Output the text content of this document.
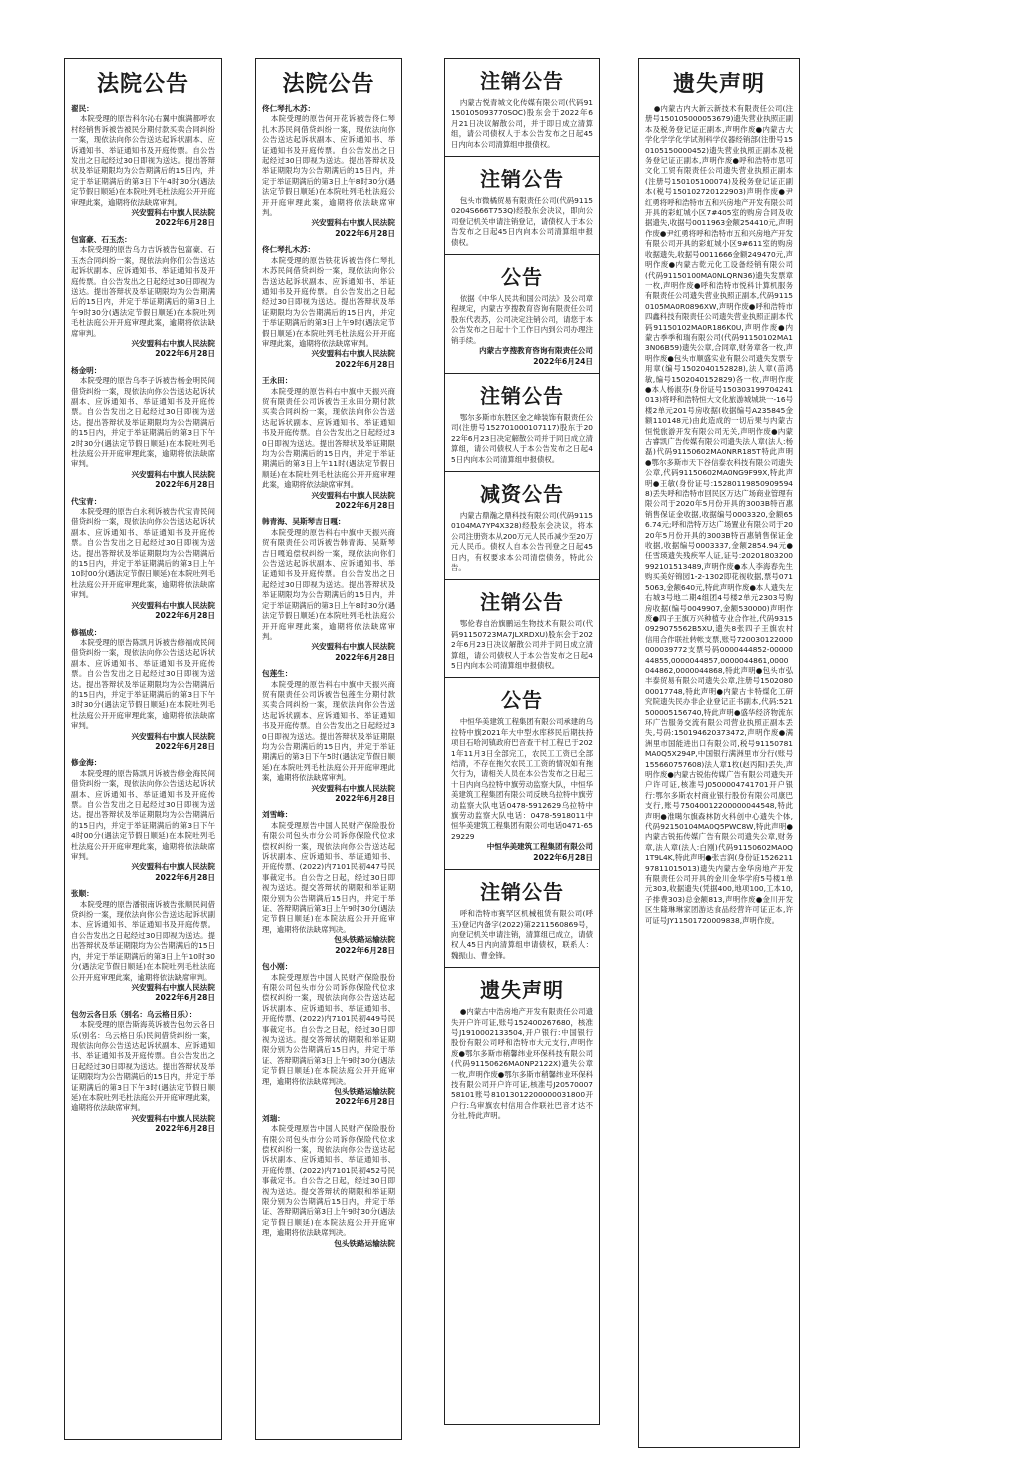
法院公告
翟民：
本院受理的原告科尔沁右翼中旗满都呼农村经销售诉被告被民分期付款买卖合同纠纷一案，现依法向你公告送达起诉状副本、应诉通知书、举证通知书及开庭传票。自公告发出之日起经过30日即视为送达。提出答辩状及举证期限均为公告期满后的15日内，并定于举证期满后的第3日下午4时30分(遇法定节假日顺延)在本院吐列毛杜法庭公开开庭审理此案，逾期将依法缺席审判。
兴安盟科右中旗人民法院
2022年6月28日
包富豪、石玉杰：
本院受理的原告乌力吉诉被告包富豪、石玉杰合同纠纷一案，现依法向你们公告送达起诉状副本、应诉通知书、举证通知书及开庭传票。自公告发出之日起经过30日即视为送达。提出答辩状及举证期限均为公告期满后的15日内，并定于举证期满后的第3日上午9时30分(遇法定节假日顺延)在本院吐列毛杜法庭公开开庭审理此案，逾期将依法缺席审判。
兴安盟科右中旗人民法院
2022年6月28日
杨金明：
本院受理的原告乌李子诉被告杨金明民间借贷纠纷一案，现依法向你公告送达起诉状副本、应诉通知书、举证通知书及开庭传票。自公告发出之日起经过30日即视为送达。提出答辩状及举证期限均为公告期满后的15日内，并定于举证期满后的第3日下午2时30分(遇法定节假日顺延)在本院吐列毛杜法庭公开开庭审理此案，逾期将依法缺席审判。
兴安盟科右中旗人民法院
2022年6月28日
代宝青：
本院受理的原告白永利诉被告代宝青民间借贷纠纷一案，现依法向你公告送达起诉状副本、应诉通知书、举证通知书及开庭传票。自公告发出之日起经过30日即视为送达。提出答辩状及举证期限均为公告期满后的15日内，并定于举证期满后的第3日上午10时00分(遇法定节假日顺延)在本院吐列毛杜法庭公开开庭审理此案，逾期将依法缺席审判。
兴安盟科右中旗人民法院
2022年6月28日
修福成：
本院受理的原告陈凯月诉被告修福成民间借贷纠纷一案，现依法向你公告送达起诉状副本、应诉通知书、举证通知书及开庭传票。自公告发出之日起经过30日即视为送达。提出答辩状及举证期限均为公告期满后的15日内，并定于举证期满后的第3日下午3时30分(遇法定节假日顺延)在本院吐列毛杜法庭公开开庭审理此案，逾期将依法缺席审判。
兴安盟科右中旗人民法院
2022年6月28日
修金海：
本院受理的原告陈凯月诉被告修金海民间借贷纠纷一案，现依法向你公告送达起诉状副本、应诉通知书、举证通知书及开庭传票。自公告发出之日起经过30日即视为送达。提出答辩状及举证期限均为公告期满后的15日内，并定于举证期满后的第3日下午4时00分(遇法定节假日顺延)在本院吐列毛杜法庭公开开庭审理此案，逾期将依法缺席审判。
兴安盟科右中旗人民法院
2022年6月28日
张顺：
本院受理的原告潘银南诉被告张顺民间借贷纠纷一案，现依法向你公告送达起诉状副本、应诉通知书、举证通知书及开庭传票。自公告发出之日起经过30日即视为送达。提出答辩状及举证期限均为公告期满后的15日内，并定于举证期满后的第3日上午10时30分(遇法定节假日顺延)在本院吐列毛杜法庭公开开庭审理此案，逾期将依法缺席审判。
兴安盟科右中旗人民法院
2022年6月28日
包勿云各日乐（别名：乌云格日乐）：
本院受理的原告斯海英诉被告包勿云各日乐(别名：乌云格日乐)民间借贷纠纷一案，现依法向你公告送达起诉状副本、应诉通知书、举证通知书及开庭传票。自公告发出之日起经过30日即视为送达。提出答辩状及举证期限均为公告期满后的15日内，并定于举证期满后的第3日下午3时(遇法定节假日顺延)在本院吐列毛杜法庭公开开庭审理此案，逾期将依法缺席审判。
兴安盟科右中旗人民法院
2022年6月28日
法院公告
佟仁琴扎木苏：
本院受理的原告何开花诉被告佟仁琴扎木苏民间借贷纠纷一案，现依法向你公告送达起诉状副本、应诉通知书、举证通知书及开庭传票。自公告发出之日起经过30日即视为送达。提出答辩状及举证期限均为公告期满后的15日内，并定于举证期满后的第3日上午8时30分(遇法定节假日顺延)在本院吐列毛杜法庭公开开庭审理此案，逾期将依法缺席审判。
兴安盟科右中旗人民法院
2022年6月28日
佟仁琴扎木苏：
本院受理的原告铁花诉被告佟仁琴扎木苏民间借贷纠纷一案，现依法向你公告送达起诉状副本、应诉通知书、举证通知书及开庭传票。自公告发出之日起经过30日即视为送达。提出答辩状及举证期限均为公告期满后的15日内，并定于举证期满后的第3日上午9时(遇法定节假日顺延)在本院吐列毛杜法庭公开开庭审理此案，逾期将依法缺席审判。
兴安盟科右中旗人民法院
2022年6月28日
王永田：
本院受理的原告科右中旗中天振兴商贸有限责任公司诉被告王永田分期付款买卖合同纠纷一案，现依法向你公告送达起诉状副本、应诉通知书、举证通知书及开庭传票。自公告发出之日起经过30日即视为送达。提出答辩状及举证期限均为公告期满后的15日内，并定于举证期满后的第3日上午11时(遇法定节假日顺延)在本院吐列毛杜法庭公开开庭审理此案，逾期将依法缺席审判。
兴安盟科右中旗人民法院
2022年6月28日
韩青海、吴斯琴吉日嘎：
本院受理的原告科右中旗中天振兴商贸有限责任公司诉被告韩青海、吴斯琴吉日嘎追偿权纠纷一案，现依法向你们公告送达起诉状副本、应诉通知书、举证通知书及开庭传票。自公告发出之日起经过30日即视为送达。提出答辩状及举证期限均为公告期满后的15日内，并定于举证期满后的第3日上午8时30分(遇法定节假日顺延)在本院吐列毛杜法庭公开开庭审理此案，逾期将依法缺席审判。
兴安盟科右中旗人民法院
2022年6月28日
包莲生：
本院受理的原告科右中旗中天振兴商贸有限责任公司诉被告包莲生分期付款买卖合同纠纷一案，现依法向你公告送达起诉状副本、应诉通知书、举证通知书及开庭传票。自公告发出之日起经过30日即视为送达。提出答辩状及举证期限均为公告期满后的15日内，并定于举证期满后的第3日下午5时(遇法定节假日顺延)在本院吐列毛杜法庭公开开庭审理此案，逾期将依法缺席审判。
兴安盟科右中旗人民法院
2022年6月28日
刘雪峰：
本院受理原告中国人民财产保险股份有限公司包头市分公司诉你保险代位求偿权纠纷一案，现依法向你公告送达起诉状副本、应诉通知书、举证通知书、开庭传票、(2022)内7101民初447号民事裁定书。自公告之日起，经过30日即视为送达。提交答辩状的期限和举证期限分别为公告期满后15日内，并定于举证、答辩期满后第3日上午9时30分(遇法定节假日顺延)在本院法庭公开开庭审理，逾期将依法缺席判决。
包头铁路运输法院
2022年6月28日
包小刚：
本院受理原告中国人民财产保险股份有限公司包头市分公司诉你保险代位求偿权纠纷一案，现依法向你公告送达起诉状副本、应诉通知书、举证通知书、开庭传票、(2022)内7101民初449号民事裁定书。自公告之日起，经过30日即视为送达。提交答辩状的期限和举证期限分别为公告期满后15日内，并定于举证、答辩期满后第3日上午9时30分(遇法定节假日顺延)在本院法庭公开开庭审理，逾期将依法缺席判决。
包头铁路运输法院
2022年6月28日
刘瑞：
本院受理原告中国人民财产保险股份有限公司包头市分公司诉你保险代位求偿权纠纷一案，现依法向你公告送达起诉状副本、应诉通知书、举证通知书、开庭传票、(2022)内7101民初452号民事裁定书。自公告之日起，经过30日即视为送达。提交答辩状的期限和举证期限分别为公告期满后15日内，并定于举证、答辩期满后第3日上午9时30分(遇法定节假日顺延)在本院法庭公开开庭审理，逾期将依法缺席判决。
包头铁路运输法院
注销公告
内蒙古悦青城文化传媒有限公司(代码91150105093770SOC)股东会于2022年6月21日决议解散公司，并于即日成立清算组，请公司债权人于本公告发布之日起45日内向本公司清算组申报债权。
注销公告
包头市微橘贸易有限责任公司(代码91150204S666T753Q)经股东会决议，即向公司登记机关申请注销登记，请债权人于本公告发布之日起45日内向本公司清算组申报债权。
公告
依据《中华人民共和国公司法》及公司章程规定，内蒙古亨搜教育咨询有限责任公司股东代表苏，公司决定注销公司，请您于本公告发布之日起十个工作日内到公司办理注销手续。
内蒙古亨搜教育咨询有限责任公司
2022年6月24日
注销公告
鄂尔多斯市东胜区金之峰装饰有限责任公司(注册号152701000107117)股东于2022年6月23日决定解散公司并于同日成立清算组，请公司债权人于本公告发布之日起45日内向本公司清算组申报债权。
减资公告
内蒙古鼎瀚之鼎科技有限公司(代码91150104MA7YP4X328)经股东会决议，将本公司注册资本从200万元人民币减少至20万元人民币。债权人自本公告刊登之日起45日内，有权要求本公司清偿债务，特此公告。
注销公告
鄂伦春自治旗鹏运生物技术有限公司(代码91150723MA7JLXRDXU)股东会于2022年6月23日决议解散公司并于同日成立清算组，请公司债权人于本公告发布之日起45日内向本公司清算组申报债权。
公告
中恒华美建筑工程集团有限公司承建的乌拉特中旗2021年大中型水库移民后期扶持项目石哈河镇政府巴音查干村工程已于2021年11月3日全部完工，农民工工资已全部结清，不存在拖欠农民工工资的情况如有拖欠行为，请相关人员在本公告发布之日起三十日内向乌拉特中旗劳动监察大队，中恒华美建筑工程集团有限公司反映乌拉特中旗劳动监察大队电话0478-5912629乌拉特中旗劳动监察大队电话：0478-5918011中恒华美建筑工程集团有限公司电话0471-6529229
中恒华美建筑工程集团有限公司
2022年6月28日
注销公告
呼和浩特市赛罕区机械租赁有限公司(呼玉)登记内备字(2022)第2211560869号，向登记机关申请注销，清算组已成立，请债权人45日内向清算组申请债权，联系人：魏振山、曹金锋。
遗失声明
●内蒙古中浩房地产开发有限责任公司遗失开户许可证,账号152400267680，核准号J1910002133504,开户银行:中国银行股份有限公司呼和浩特市大元支行,声明作废●鄂尔多斯市稍馨纬业环保科技有限公司(代码91150626MA0NP2122X)遗失公章一枚,声明作废●鄂尔多斯市稍馨纬业环保科技有限公司开户许可证,核准号J2057000758101账号81013012200000031800开户行:乌审旗农村信用合作联社巴音才达不分社,特此声明。
遗失声明
●内蒙古内大新云新技术有限责任公司(注册号150105000053679)遗失营业执照正副本及税务登记证正副本,声明作废●内蒙古大学化学学化学试剂科学仪器经销部(注册号150105150000452)遗失营业执照正副本及税务登记证正副本,声明作废●呼和浩特市思可文化工贸有限责任公司遗失营业执照正副本(注册号150105100074)及税务登记证正副本(税号150102720122903)声明作废●尹红勇将呼和浩特市五和兴房地产开发有限公司开具的彩虹城小区7#405室的购房合同及收据遗失,收据号0011963金额254410元,声明作废●尹红勇将呼和浩特市五和兴房地产开发有限公司开具的彩虹城小区9#611室的购房收据遗失,收据号0011666金额249470元,声明作废●内蒙古乾元化工设备经销有限公司(代码91150100MA0NLQRN36)遗失发票章一枚,声明作废●呼和浩特市悦科计算机服务有限责任公司遗失营业执照正副本,代码91150105MA0R0896XW,声明作废●呼和浩特市四鑫科技有限责任公司遗失营业执照正副本代码91150102MA0R186K0U,声明作废●内蒙古季季和瑞有限公司(代码91150102MA13N06B59)遗失公章,合同章,财务章各一枚,声明作废●包头市顺盛实业有限公司遗失发票专用章(编号1502040152828),法人章(苗鸿敏,编号1502040152829)各一枚,声明作废●本人杨淑芬(身份证号150303199704241013)将呼和浩特恒大文化旅游城城块一-16号楼2单元201号房收据(收据编号A235845金额110148元)由此造成的一切后果与内蒙古恒悦旅游开发有限公司无关,声明作废●内蒙古睿凯广告传媒有限公司遗失法人章(法人:杨磊)代码91150602MA0NRR185T特此声明●鄂尔多斯市天下谷信泰农科技有限公司遗失公章,代码91150602MA0NG9F99X,特此声明●王敏(身份证号:152801198509095948)丢失呼和浩特市回民区万达广场商业管理有限公司于2020年5月份开具的3003B特百惠销售保证金收据,收据编号0003320,金额656.74元;呼和浩特万达广场置业有限公司于2020年5月份开具的3003B特百惠销售保证金收据,收据编号0003337,金额2854.94元●任雪瑛遗失残疾军人证,证号:20201803200992101513489,声明作废●本人李海春先生购买美好锦园1-2-1302即花视收据,票号0715063,金额640元,特此声明作废●本人遗失左右城3号地二期4组团4号楼2单元2303号购房收据(编号0049907,金额530000)声明作废●四子王旗万兴种植专业合作社,代码93150929075562B5XU,遗失8张四子王旗农村信用合作联社转帐支票,账号720030122000000039772支票号码0000444852-0000044855,0000044857,0000044861,0000044862,0000044868,特此声明●包头市弘丰泰贸易有限公司遗失公章,注册号150208000017748,特此声明●内蒙古卡特煤化工研究院遗失民办非企业登记正书副本,代码:521500005156740,特此声明●盛华经济物流东环广告服务交流有限公司营业执照正副本丢失,号码:150194620373472,声明作废●满洲里市国能进出口有限公司,税号91150781MA0Q5X294P,中国银行满洲里市分行(账号155660757608)法人章1枚(赵丙阳)丢失,声明作废●内蒙古锐佑传媒广告有限公司遗失开户许可证,核准号J0500004741701开户银行:鄂尔多斯农村商业银行股份有限公司康巴支行,账号75040012200000044548,特此声明●准噶尔旗森林防火科创中心遗失个体,代码92150104MA0Q5PWC8W,特此声明●内蒙古锐拓传媒广告有限公司遗失公章,财务章,法人章(法人:白刚)代码91150602MA0Q1T9L4K,特此声明●张吉润(身份证152621197811015013)遗失内蒙古金华房地产开发有限责任公司开具的金川金华学府5号楼1单元303,收据遗失(凭据400,地项100,工本10,子排费303)总金额813,声明作废●金川开发区生隆琳琳家团游达食品经营许可证正本,许可证号JY11501720009838,声明作废。
